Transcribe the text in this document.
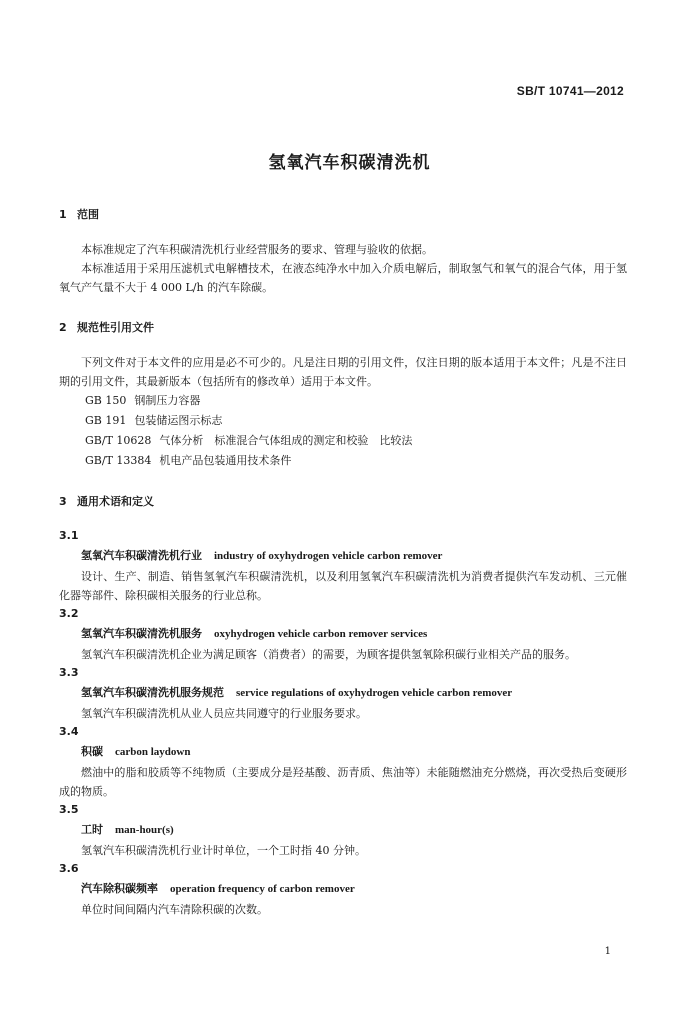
SB/T 10741—2012
氢氧汽车积碳清洗机
1 范围

本标准规定了汽车积碳清洗机行业经营服务的要求、管理与验收的依据。

本标准适用于采用压滤机式电解槽技术，在液态纯净水中加入介质电解后，制取氢气和氧气的混合气体，用于氢氧气产气量不大于 4 000 L/h 的汽车除碳。

2 规范性引用文件

下列文件对于本文件的应用是必不可少的。凡是注日期的引用文件，仅注日期的版本适用于本文件；凡是不注日期的引用文件，其最新版本（包括所有的修改单）适用于本文件。

GB 150 钢制压力容器
GB 191 包装储运图示标志
GB/T 10628 气体分析　标准混合气体组成的测定和校验　比较法
GB/T 13384 机电产品包装通用技术条件
3 通用术语和定义
3.1
氢氧汽车积碳清洗机行业 industry of oxyhydrogen vehicle carbon remover

设计、生产、制造、销售氢氧汽车积碳清洗机，以及利用氢氧汽车积碳清洗机为消费者提供汽车发动机、三元催化器等部件、除积碳相关服务的行业总称。

3.2
氢氧汽车积碳清洗机服务 oxyhydrogen vehicle carbon remover services

氢氧汽车积碳清洗机企业为满足顾客（消费者）的需要，为顾客提供氢氧除积碳行业相关产品的服务。

3.3
氢氧汽车积碳清洗机服务规范 service regulations of oxyhydrogen vehicle carbon remover

氢氧汽车积碳清洗机从业人员应共同遵守的行业服务要求。

3.4
积碳 carbon laydown

燃油中的脂和胶质等不纯物质（主要成分是羟基酸、沥青质、焦油等）未能随燃油充分燃烧，再次受热后变硬形成的物质。

3.5
工时 man-hour(s)

氢氧汽车积碳清洗机行业计时单位，一个工时指 40 分钟。

3.6
汽车除积碳频率 operation frequency of carbon remover

单位时间间隔内汽车清除积碳的次数。

1
